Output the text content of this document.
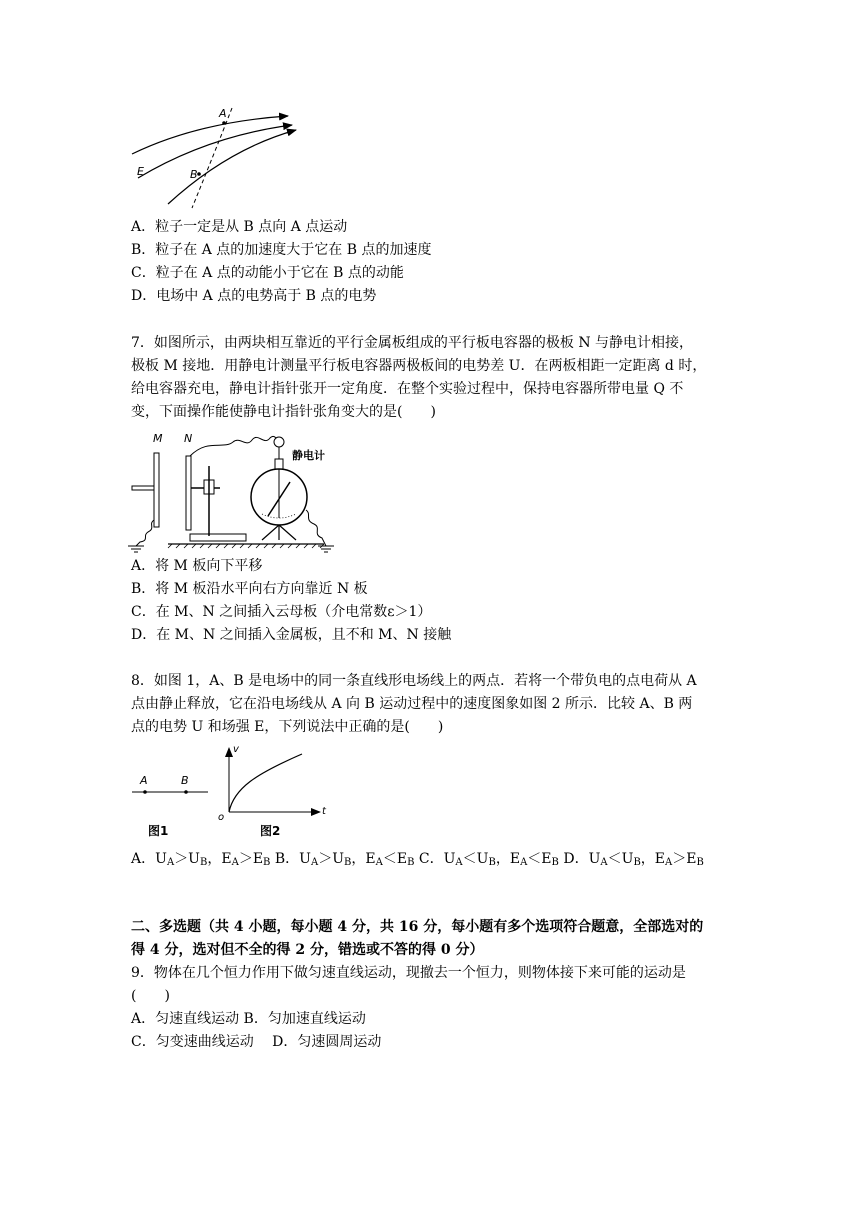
A
B
E
A．粒子一定是从 B 点向 A 点运动
B．粒子在 A 点的加速度大于它在 B 点的加速度
C．粒子在 A 点的动能小于它在 B 点的动能
D．电场中 A 点的电势高于 B 点的电势
7．如图所示，由两块相互靠近的平行金属板组成的平行板电容器的极板 N 与静电计相接，
极板 M 接地．用静电计测量平行板电容器两极板间的电势差 U．在两板相距一定距离 d 时，
给电容器充电，静电计指针张开一定角度．在整个实验过程中，保持电容器所带电量 Q 不
变，下面操作能使静电计指针张角变大的是(　　)
M N
静电计
A．将 M 板向下平移
B．将 M 板沿水平向右方向靠近 N 板
C．在 M、N 之间插入云母板（介电常数ε＞1）
D．在 M、N 之间插入金属板，且不和 M、N 接触
8．如图 1，A、B 是电场中的同一条直线形电场线上的两点．若将一个带负电的点电荷从 A
点由静止释放，它在沿电场线从 A 向 B 运动过程中的速度图象如图 2 所示．比较 A、B 两
点的电势 U 和场强 E，下列说法中正确的是(　　)
A	B
图1
v
t
o
图2
A．$U_A>U_B$，$E_A>E_B$ B．$U_A>U_B$，$E_A<E_B$ C．$U_A<U_B$，$E_A<E_B$ D．$U_A<U_B$，$E_A>E_B$
二、多选题（共 4 小题，每小题 4 分，共 16 分，每小题有多个选项符合题意，全部选对的
得 4 分，选对但不全的得 2 分，错选或不答的得 0 分）
9．物体在几个恒力作用下做匀速直线运动，现撤去一个恒力，则物体接下来可能的运动是
(　　)
A．匀速直线运动 B．匀加速直线运动
C．匀变速曲线运动　 D．匀速圆周运动
